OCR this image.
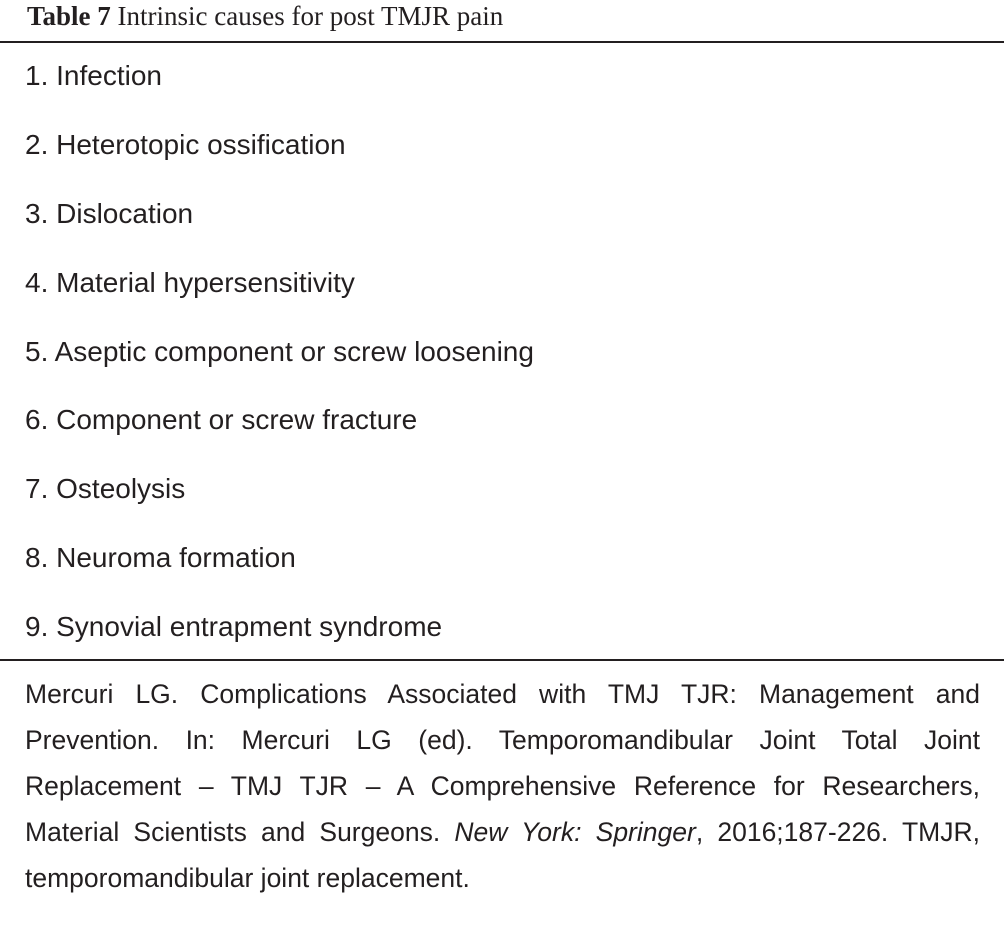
Table 7 Intrinsic causes for post TMJR pain
1. Infection
2. Heterotopic ossification
3. Dislocation
4. Material hypersensitivity
5. Aseptic component or screw loosening
6. Component or screw fracture
7. Osteolysis
8. Neuroma formation
9. Synovial entrapment syndrome
Mercuri LG. Complications Associated with TMJ TJR: Management and Prevention. In: Mercuri LG (ed). Temporomandibular Joint Total Joint Replacement – TMJ TJR – A Comprehensive Reference for Researchers, Material Scientists and Surgeons. New York: Springer, 2016;187-226. TMJR, temporomandibular joint replacement.
